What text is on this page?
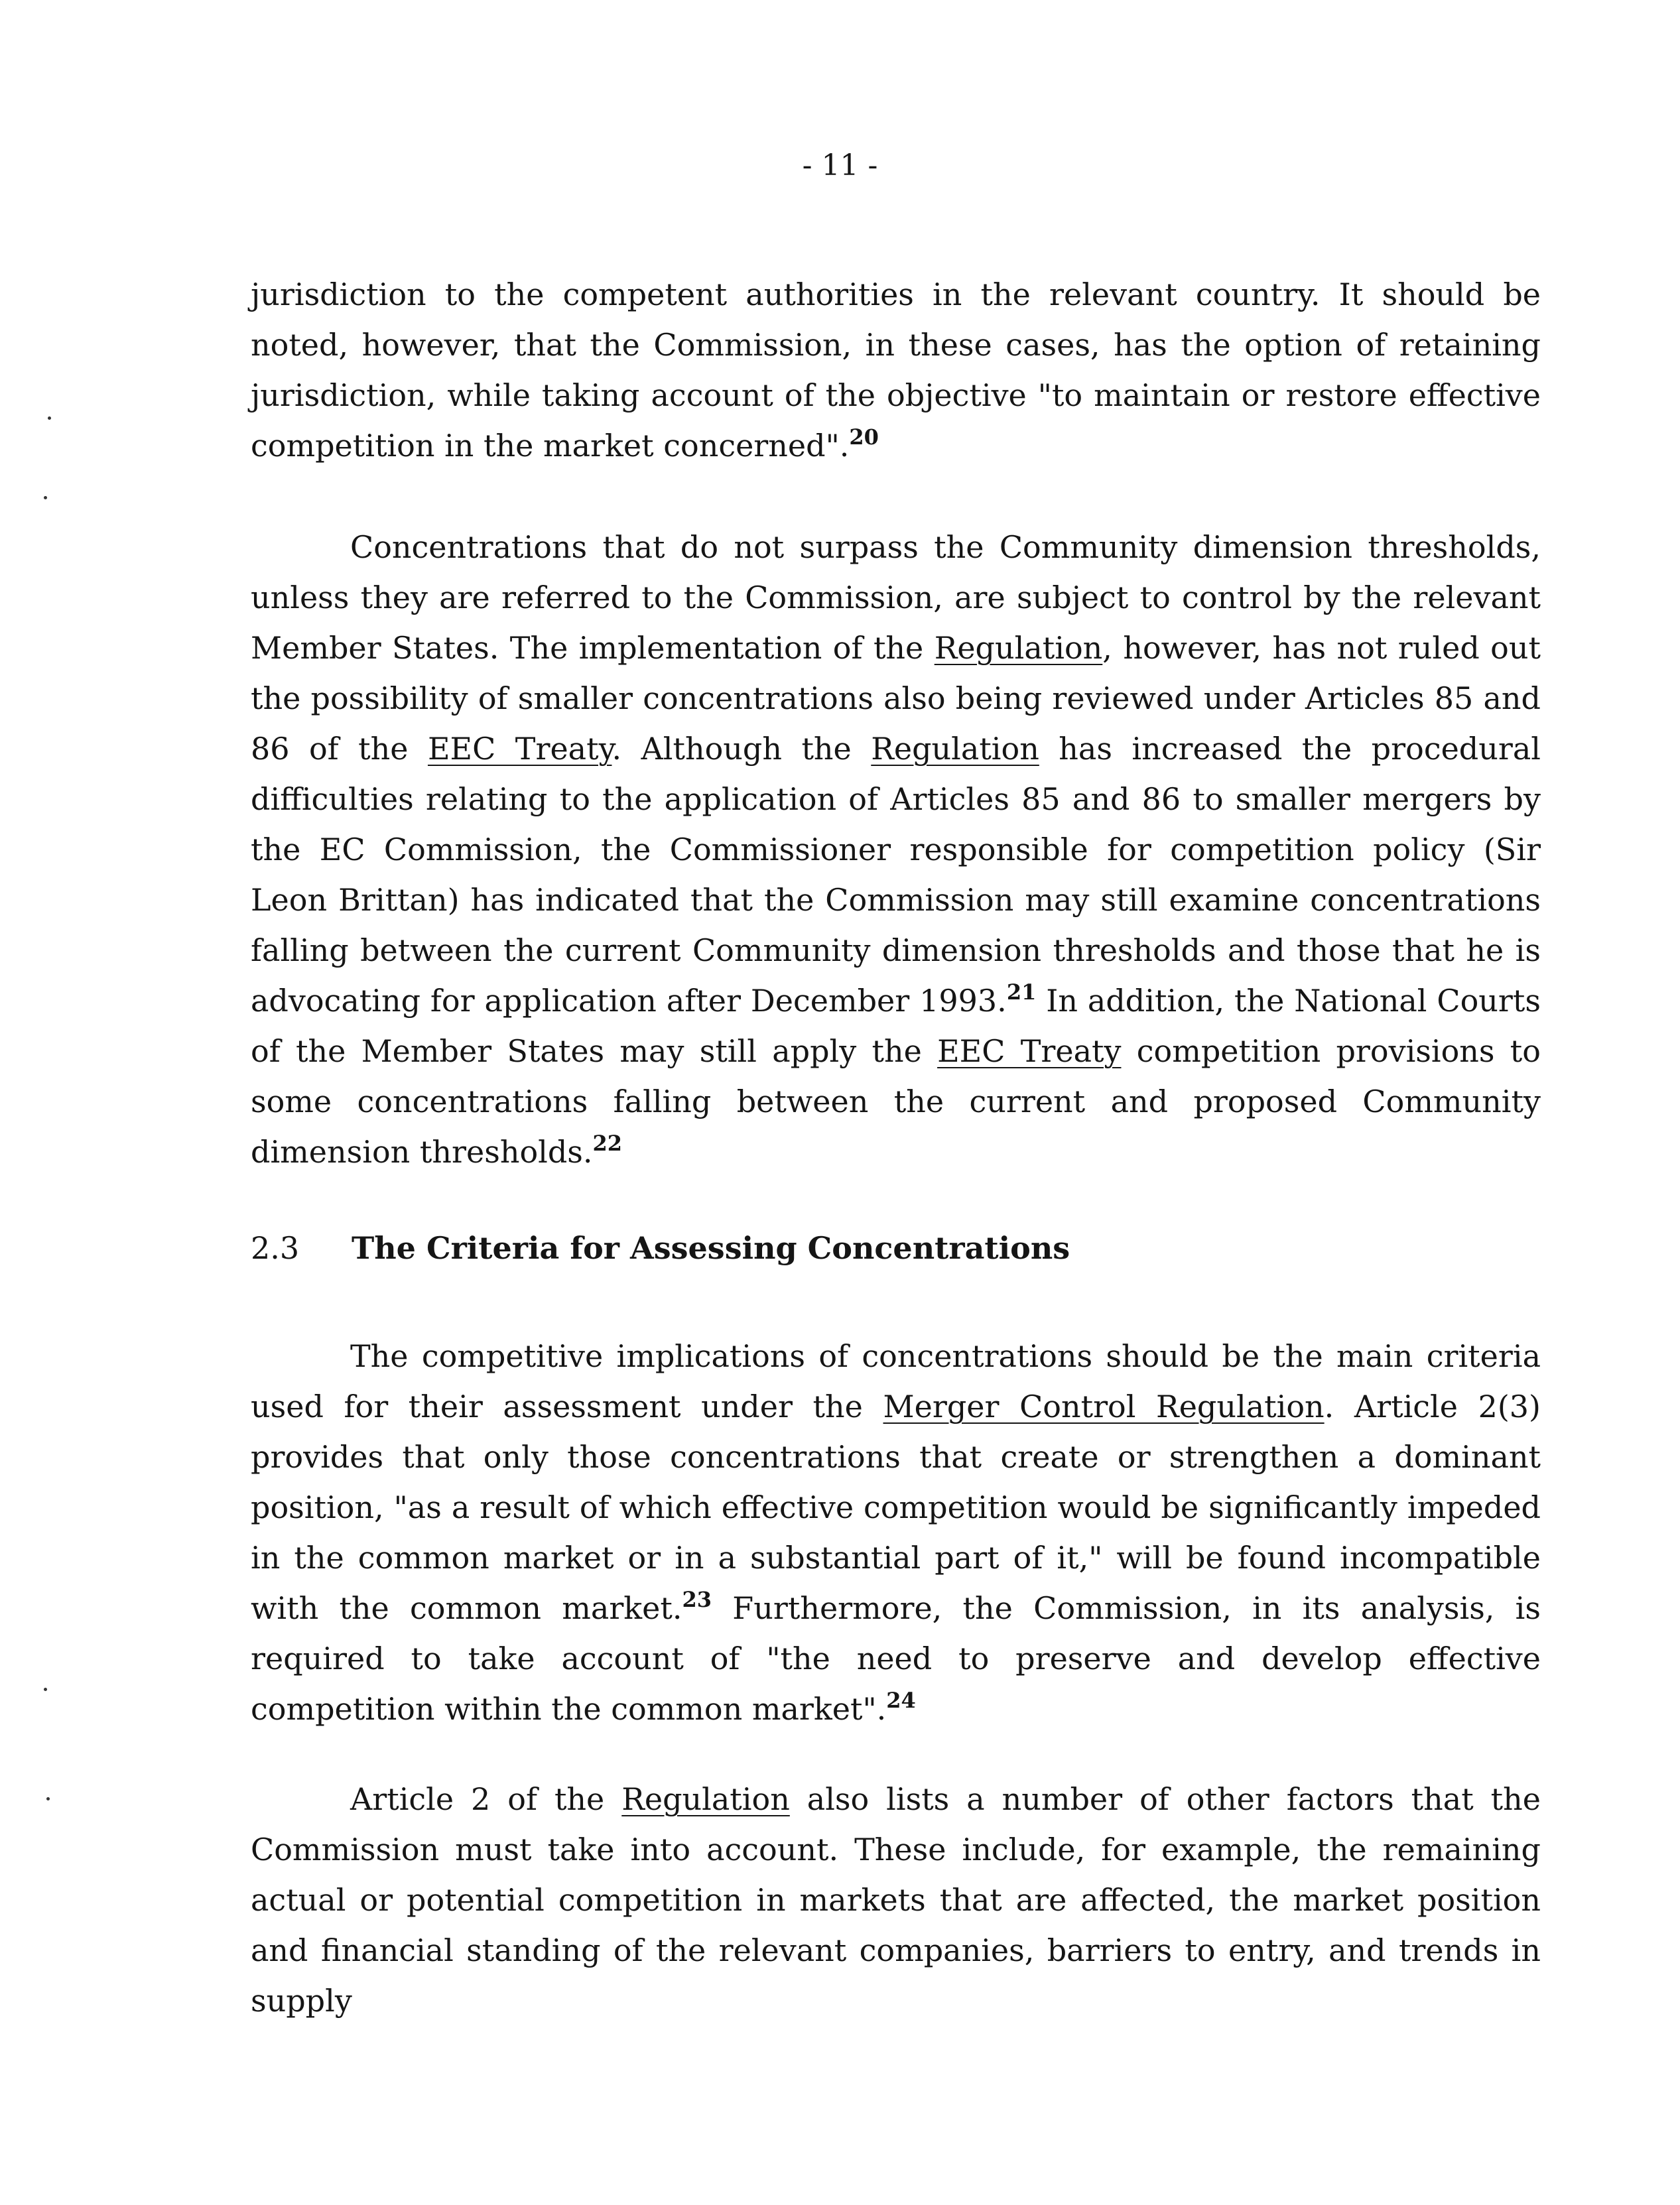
- 11 -
jurisdiction to the competent authorities in the relevant country. It should be noted, however, that the Commission, in these cases, has the option of retaining jurisdiction, while taking account of the objective "to maintain or restore effective competition in the market concerned".$^{20}$
Concentrations that do not surpass the Community dimension thresholds, unless they are referred to the Commission, are subject to control by the relevant Member States. The implementation of the Regulation, however, has not ruled out the possibility of smaller concentrations also being reviewed under Articles 85 and 86 of the EEC Treaty. Although the Regulation has increased the procedural difficulties relating to the application of Articles 85 and 86 to smaller mergers by the EC Commission, the Commissioner responsible for competition policy (Sir Leon Brittan) has indicated that the Commission may still examine concentrations falling between the current Community dimension thresholds and those that he is advocating for application after December 1993.21 In addition, the National Courts of the Member States may still apply the EEC Treaty competition provisions to some concentrations falling between the current and proposed Community dimension thresholds.$^{22}$
2.3 The Criteria for Assessing Concentrations
The competitive implications of concentrations should be the main criteria used for their assessment under the Merger Control Regulation. Article 2(3) provides that only those concentrations that create or strengthen a dominant position, "as a result of which effective competition would be significantly impeded in the common market or in a substantial part of it," will be found incompatible with the common market.$^{23}$ Furthermore, the Commission, in its analysis, is required to take account of "the need to preserve and develop effective competition within the common market".$^{24}$
Article 2 of the Regulation also lists a number of other factors that the Commission must take into account. These include, for example, the remaining actual or potential competition in markets that are affected, the market position and financial standing of the relevant companies, barriers to entry, and trends in supply
